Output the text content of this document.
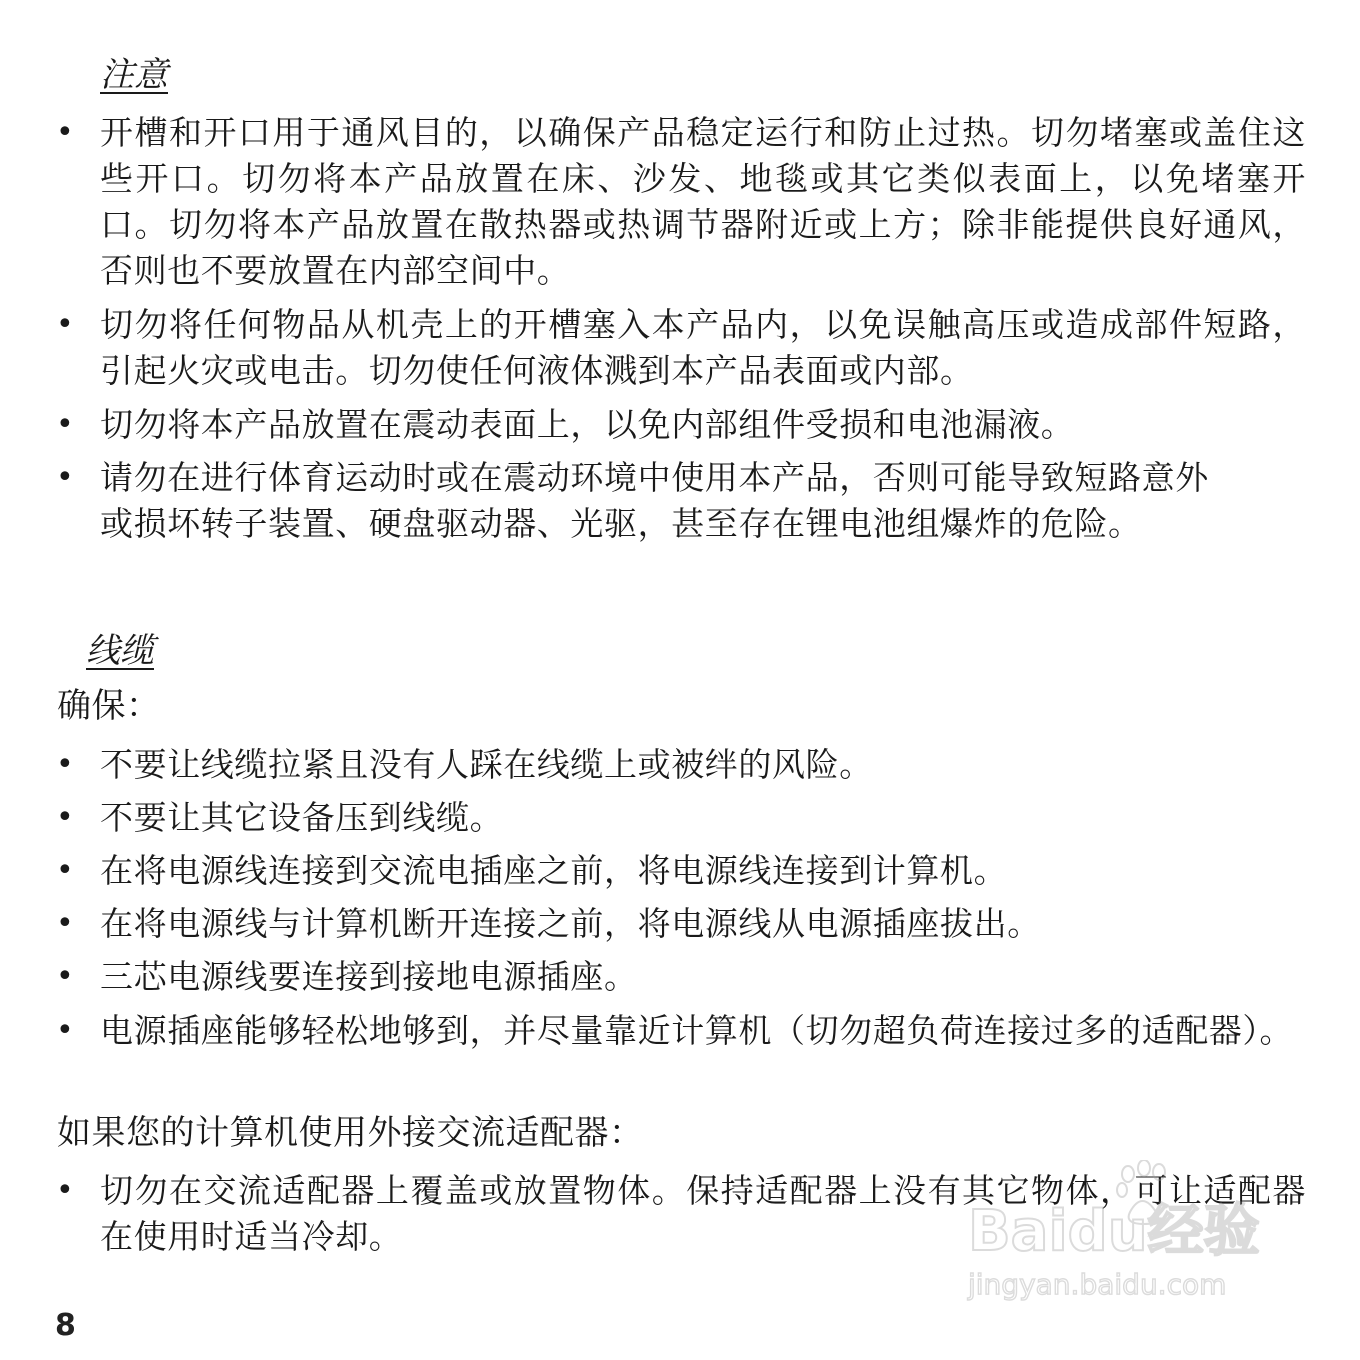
注意
• 开槽和开口用于通风目的，以确保产品稳定运行和防止过热。切勿堵塞或盖住这些开口。切勿将本产品放置在床、沙发、地毯或其它类似表面上，以免堵塞开口。切勿将本产品放置在散热器或热调节器附近或上方；除非能提供良好通风，否则也不要放置在内部空间中。
• 切勿将任何物品从机壳上的开槽塞入本产品内，以免误触高压或造成部件短路，引起火灾或电击。切勿使任何液体溅到本产品表面或内部。
• 切勿将本产品放置在震动表面上，以免内部组件受损和电池漏液。
• 请勿在进行体育运动时或在震动环境中使用本产品，否则可能导致短路意外或损坏转子装置、硬盘驱动器、光驱，甚至存在锂电池组爆炸的危险。
线缆
确保：
• 不要让线缆拉紧且没有人踩在线缆上或被绊的风险。
• 不要让其它设备压到线缆。
• 在将电源线连接到交流电插座之前，将电源线连接到计算机。
• 在将电源线与计算机断开连接之前，将电源线从电源插座拔出。
• 三芯电源线要连接到接地电源插座。
• 电源插座能够轻松地够到，并尽量靠近计算机（切勿超负荷连接过多的适配器）。
如果您的计算机使用外接交流适配器：
• 切勿在交流适配器上覆盖或放置物体。保持适配器上没有其它物体，可让适配器在使用时适当冷却。
8
Baidu经验
jingyan.baidu.com
